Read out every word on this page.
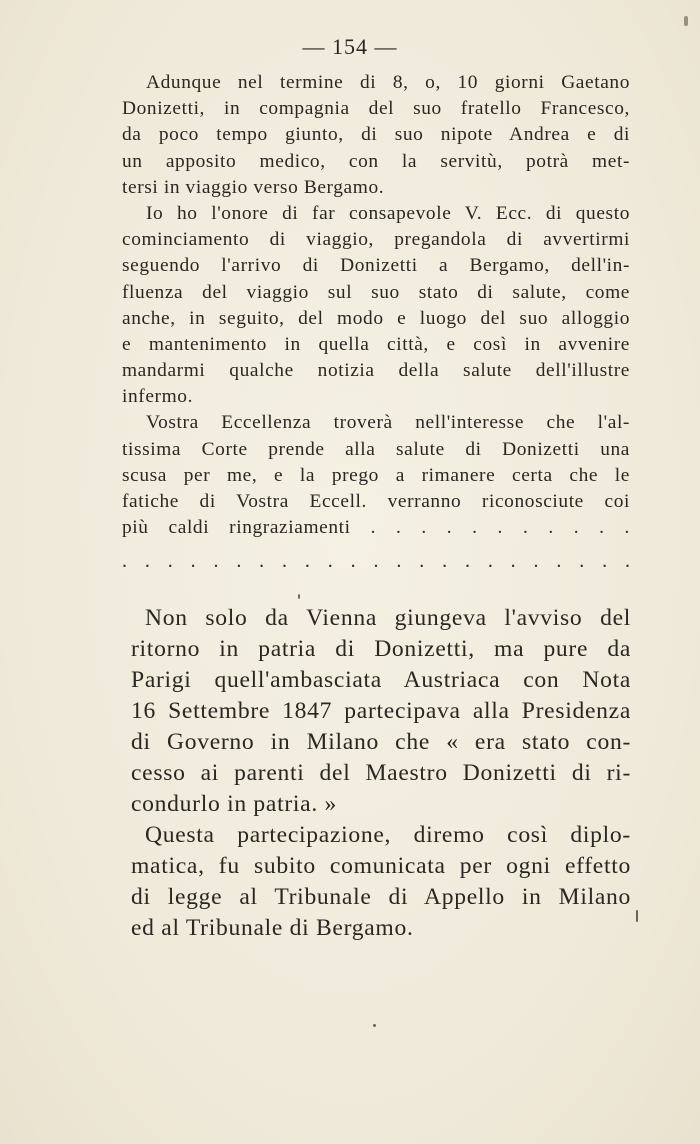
— 154 —
Adunque nel termine di 8, o, 10 giorni Gaetano
Donizetti, in compagnia del suo fratello Francesco,
da poco tempo giunto, di suo nipote Andrea e di
un apposito medico, con la servitù, potrà met-
tersi in viaggio verso Bergamo.
Io ho l'onore di far consapevole V. Ecc. di questo
cominciamento di viaggio, pregandola di avvertirmi
seguendo l'arrivo di Donizetti a Bergamo, dell'in-
fluenza del viaggio sul suo stato di salute, come
anche, in seguito, del modo e luogo del suo alloggio
e mantenimento in quella città, e così in avvenire
mandarmi qualche notizia della salute dell'illustre
infermo.
Vostra Eccellenza troverà nell'interesse che l'al-
tissima Corte prende alla salute di Donizetti una
scusa per me, e la prego a rimanere certa che le
fatiche di Vostra Eccell. verranno riconosciute coi
più caldi ringraziamenti . . . . . . . . . . .
. . . . . . . . . . . . . . . . . . . . . . .
Non solo da Vienna giungeva l'avviso del
ritorno in patria di Donizetti, ma pure da
Parigi quell'ambasciata Austriaca con Nota
16 Settembre 1847 partecipava alla Presidenza
di Governo in Milano che « era stato con-
cesso ai parenti del Maestro Donizetti di ri-
condurlo in patria. »
Questa partecipazione, diremo così diplo-
matica, fu subito comunicata per ogni effetto
di legge al Tribunale di Appello in Milano
ed al Tribunale di Bergamo.
